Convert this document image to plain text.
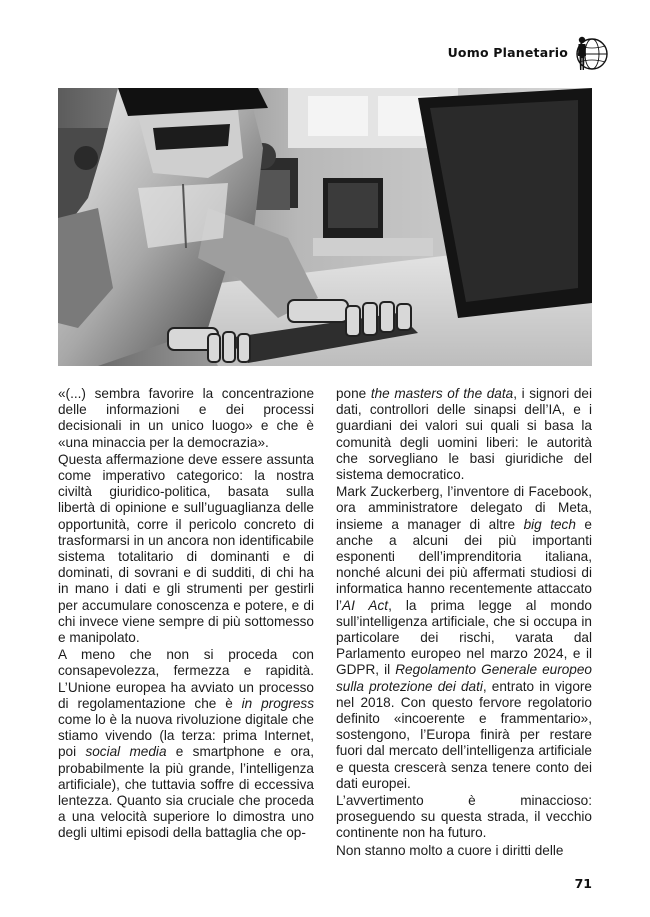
Uomo Planetario

«(...) sembra favorire la concentrazione delle informazioni e dei processi decisionali in un unico luogo» e che è «una minaccia per la democrazia».

Questa affermazione deve essere assunta come imperativo categorico: la nostra civiltà giuridico-politica, basata sulla libertà di opinione e sull’uguaglianza delle opportunità, corre il pericolo concreto di trasformarsi in un ancora non identificabile sistema totalitario di dominanti e di dominati, di sovrani e di sudditi, di chi ha in mano i dati e gli strumenti per gestirli per accumulare conoscenza e potere, e di chi invece viene sempre di più sottomesso e manipolato.

A meno che non si proceda con consapevolezza, fermezza e rapidità. L’Unione europea ha avviato un processo di regolamentazione che è in progress come lo è la nuova rivoluzione digitale che stiamo vivendo (la terza: prima Internet, poi social media e smartphone e ora, probabilmente la più grande, l’intelligenza artificiale), che tuttavia soffre di eccessiva lentezza. Quanto sia cruciale che proceda a una velocità superiore lo dimostra uno degli ultimi episodi della battaglia che op-

pone the masters of the data, i signori dei dati, controllori delle sinapsi dell’IA, e i guardiani dei valori sui quali si basa la comunità degli uomini liberi: le autorità che sorvegliano le basi giuridiche del sistema democratico.

Mark Zuckerberg, l’inventore di Facebook, ora amministratore delegato di Meta, insieme a manager di altre big tech e anche a alcuni dei più importanti esponenti dell’imprenditoria italiana, nonché alcuni dei più affermati studiosi di informatica hanno recentemente attaccato l’AI Act, la prima legge al mondo sull’intelligenza artificiale, che si occupa in particolare dei rischi, varata dal Parlamento europeo nel marzo 2024, e il GDPR, il Regolamento Generale europeo sulla protezione dei dati, entrato in vigore nel 2018. Con questo fervore regolatorio definito «incoerente e frammentario», sostengono, l’Europa finirà per restare fuori dal mercato dell’intelligenza artificiale e questa crescerà senza tenere conto dei dati europei.

L’avvertimento è minaccioso: proseguendo su questa strada, il vecchio continente non ha futuro.

Non stanno molto a cuore i diritti delle

71
